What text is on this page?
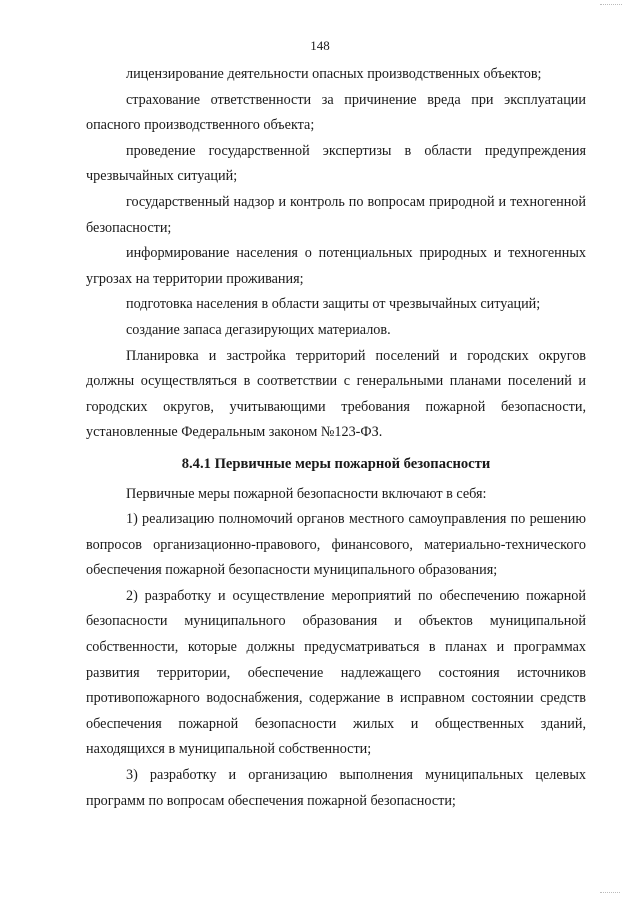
148

лицензирование деятельности опасных производственных объектов;

страхование ответственности за причинение вреда при эксплуатации опасного производственного объекта;

проведение государственной экспертизы в области предупреждения чрезвычайных ситуаций;

государственный надзор и контроль по вопросам природной и техногенной безопасности;

информирование населения о потенциальных природных и техногенных угрозах на территории проживания;

подготовка населения в области защиты от чрезвычайных ситуаций;

создание запаса дегазирующих материалов.

Планировка и застройка территорий поселений и городских округов должны осуществляться в соответствии с генеральными планами поселений и городских округов, учитывающими требования пожарной безопасности, установленные Федеральным законом №123-ФЗ.

8.4.1 Первичные меры пожарной безопасности

Первичные меры пожарной безопасности включают в себя:

1) реализацию полномочий органов местного самоуправления по решению вопросов организационно-правового, финансового, материально-технического обеспечения пожарной безопасности муниципального образования;

2) разработку и осуществление мероприятий по обеспечению пожарной безопасности муниципального образования и объектов муниципальной собственности, которые должны предусматриваться в планах и программах развития территории, обеспечение надлежащего состояния источников противопожарного водоснабжения, содержание в исправном состоянии средств обеспечения пожарной безопасности жилых и общественных зданий, находящихся в муниципальной собственности;

3) разработку и организацию выполнения муниципальных целевых программ по вопросам обеспечения пожарной безопасности;
